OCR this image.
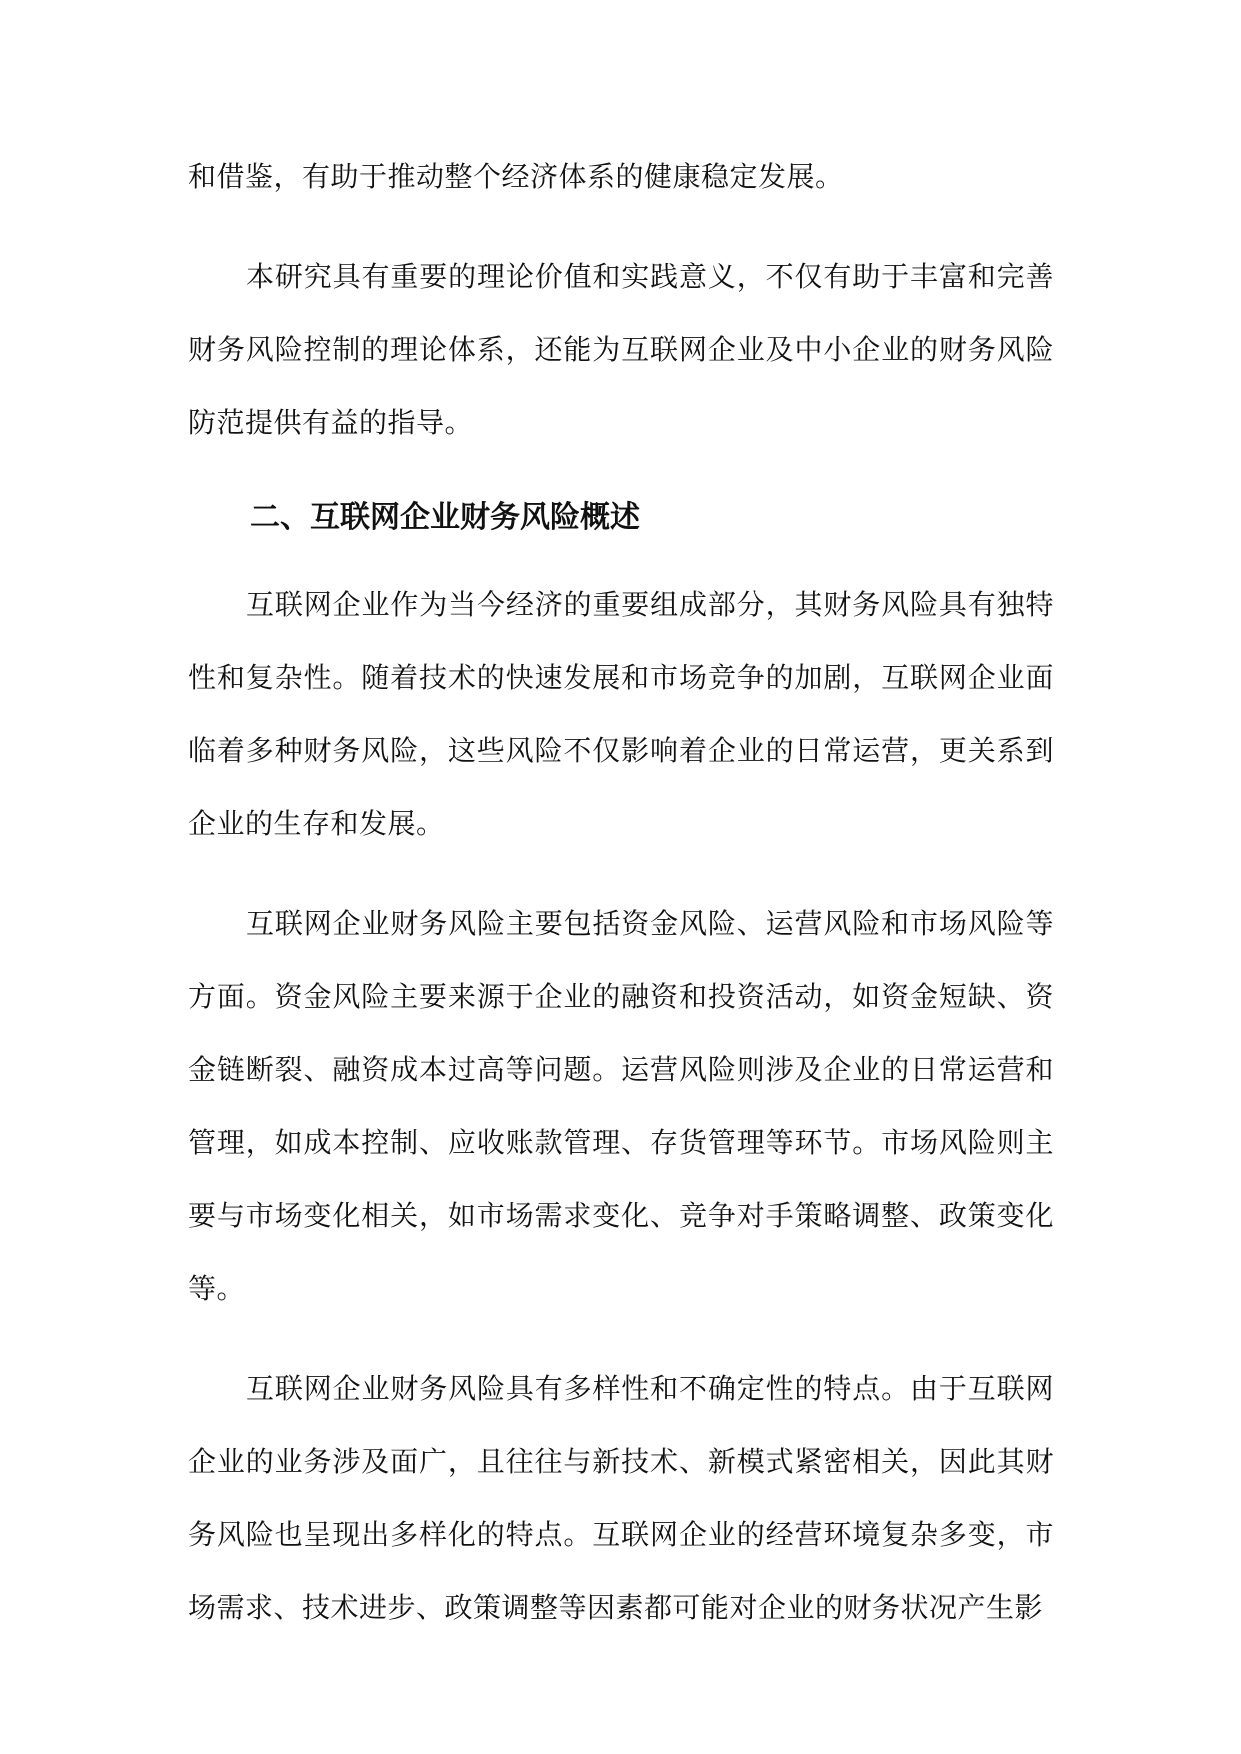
和借鉴，有助于推动整个经济体系的健康稳定发展。

本研究具有重要的理论价值和实践意义，不仅有助于丰富和完善财务风险控制的理论体系，还能为互联网企业及中小企业的财务风险防范提供有益的指导。

二、互联网企业财务风险概述

互联网企业作为当今经济的重要组成部分，其财务风险具有独特性和复杂性。随着技术的快速发展和市场竞争的加剧，互联网企业面临着多种财务风险，这些风险不仅影响着企业的日常运营，更关系到企业的生存和发展。

互联网企业财务风险主要包括资金风险、运营风险和市场风险等方面。资金风险主要来源于企业的融资和投资活动，如资金短缺、资金链断裂、融资成本过高等问题。运营风险则涉及企业的日常运营和管理，如成本控制、应收账款管理、存货管理等环节。市场风险则主要与市场变化相关，如市场需求变化、竞争对手策略调整、政策变化等。

互联网企业财务风险具有多样性和不确定性的特点。由于互联网企业的业务涉及面广，且往往与新技术、新模式紧密相关，因此其财务风险也呈现出多样化的特点。互联网企业的经营环境复杂多变，市场需求、技术进步、政策调整等因素都可能对企业的财务状况产生影
